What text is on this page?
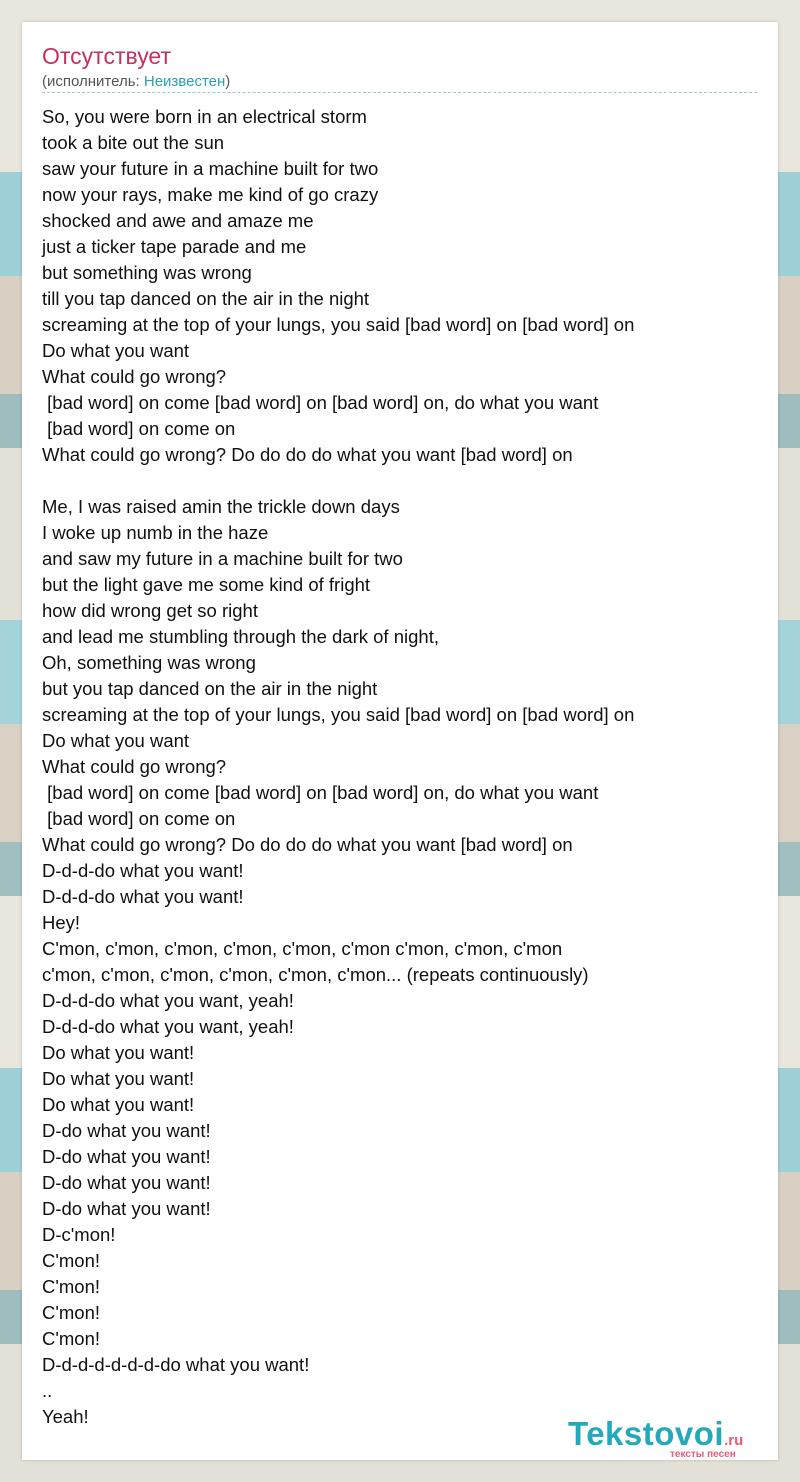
Отсутствует
(исполнитель: Неизвестен)
So, you were born in an electrical storm
took a bite out the sun
saw your future in a machine built for two
now your rays, make me kind of go crazy
shocked and awe and amaze me
just a ticker tape parade and me
but something was wrong
till you tap danced on the air in the night
screaming at the top of your lungs, you said [bad word] on [bad word] on
Do what you want
What could go wrong?
[bad word] on come [bad word] on [bad word] on, do what you want
[bad word] on come on
What could go wrong? Do do do do what you want [bad word] on

Me, I was raised amin the trickle down days
I woke up numb in the haze
and saw my future in a machine built for two
but the light gave me some kind of fright
how did wrong get so right
and lead me stumbling through the dark of night,
Oh, something was wrong
but you tap danced on the air in the night
screaming at the top of your lungs, you said [bad word] on [bad word] on
Do what you want
What could go wrong?
[bad word] on come [bad word] on [bad word] on, do what you want
[bad word] on come on
What could go wrong? Do do do do what you want [bad word] on
D-d-d-do what you want!
D-d-d-do what you want!
Hey!
C'mon, c'mon, c'mon, c'mon, c'mon, c'mon c'mon, c'mon, c'mon
c'mon, c'mon, c'mon, c'mon, c'mon, c'mon... (repeats continuously)
D-d-d-do what you want, yeah!
D-d-d-do what you want, yeah!
Do what you want!
Do what you want!
Do what you want!
D-do what you want!
D-do what you want!
D-do what you want!
D-do what you want!
D-c'mon!
C'mon!
C'mon!
C'mon!
C'mon!
D-d-d-d-d-d-d-do what you want!
..
Yeah!	Tekstovoi.ru
тексты песен
